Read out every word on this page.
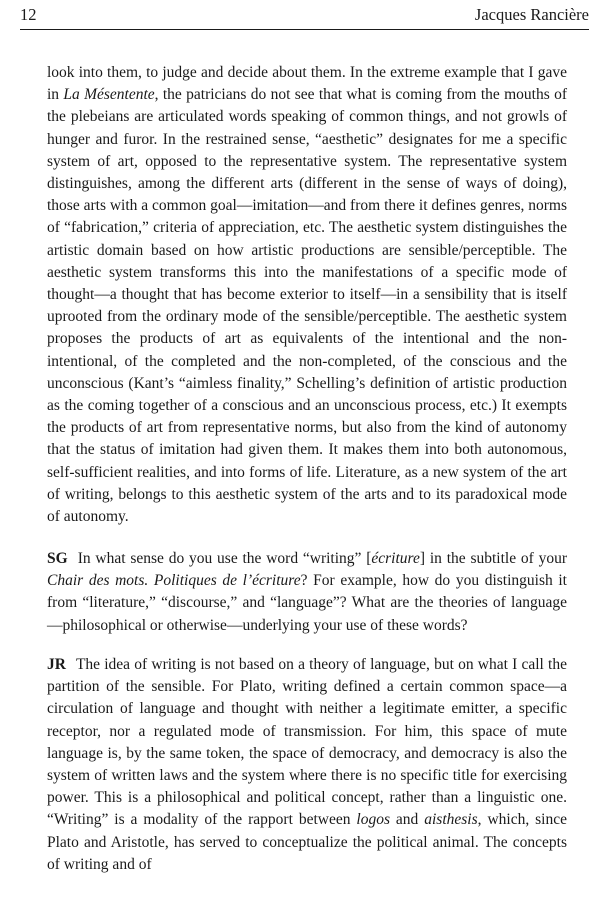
12	Jacques Rancière

look into them, to judge and decide about them. In the extreme example that I gave in La Mésentente, the patricians do not see that what is coming from the mouths of the plebeians are articulated words speaking of common things, and not growls of hunger and furor. In the restrained sense, “aesthetic” designates for me a specific system of art, opposed to the representative system. The representative system distinguishes, among the different arts (different in the sense of ways of doing), those arts with a common goal—imitation—and from there it defines genres, norms of “fabrication,” criteria of appreciation, etc. The aesthetic system distinguishes the artistic domain based on how artistic productions are sensible/perceptible. The aesthetic system transforms this into the manifestations of a specific mode of thought—a thought that has become exterior to itself—in a sensibility that is itself uprooted from the ordinary mode of the sensible/perceptible. The aesthetic system proposes the products of art as equivalents of the intentional and the non-intentional, of the completed and the non-completed, of the conscious and the unconscious (Kant’s “aimless finality,” Schelling’s definition of artistic production as the coming together of a conscious and an unconscious process, etc.) It exempts the products of art from representative norms, but also from the kind of autonomy that the status of imitation had given them. It makes them into both autonomous, self-sufficient realities, and into forms of life. Literature, as a new system of the art of writing, belongs to this aesthetic system of the arts and to its paradoxical mode of autonomy.

SG In what sense do you use the word “writing” [écriture] in the subtitle of your Chair des mots. Politiques de l’écriture? For example, how do you distinguish it from “literature,” “discourse,” and “language”? What are the theories of language—philosophical or otherwise—underlying your use of these words?

JR The idea of writing is not based on a theory of language, but on what I call the partition of the sensible. For Plato, writing defined a certain common space—a circulation of language and thought with neither a legitimate emitter, a specific receptor, nor a regulated mode of transmission. For him, this space of mute language is, by the same token, the space of democracy, and democracy is also the system of written laws and the system where there is no specific title for exercising power. This is a philosophical and political concept, rather than a linguistic one. “Writing” is a modality of the rapport between logos and aisthesis, which, since Plato and Aristotle, has served to conceptualize the political animal. The concepts of writing and of
